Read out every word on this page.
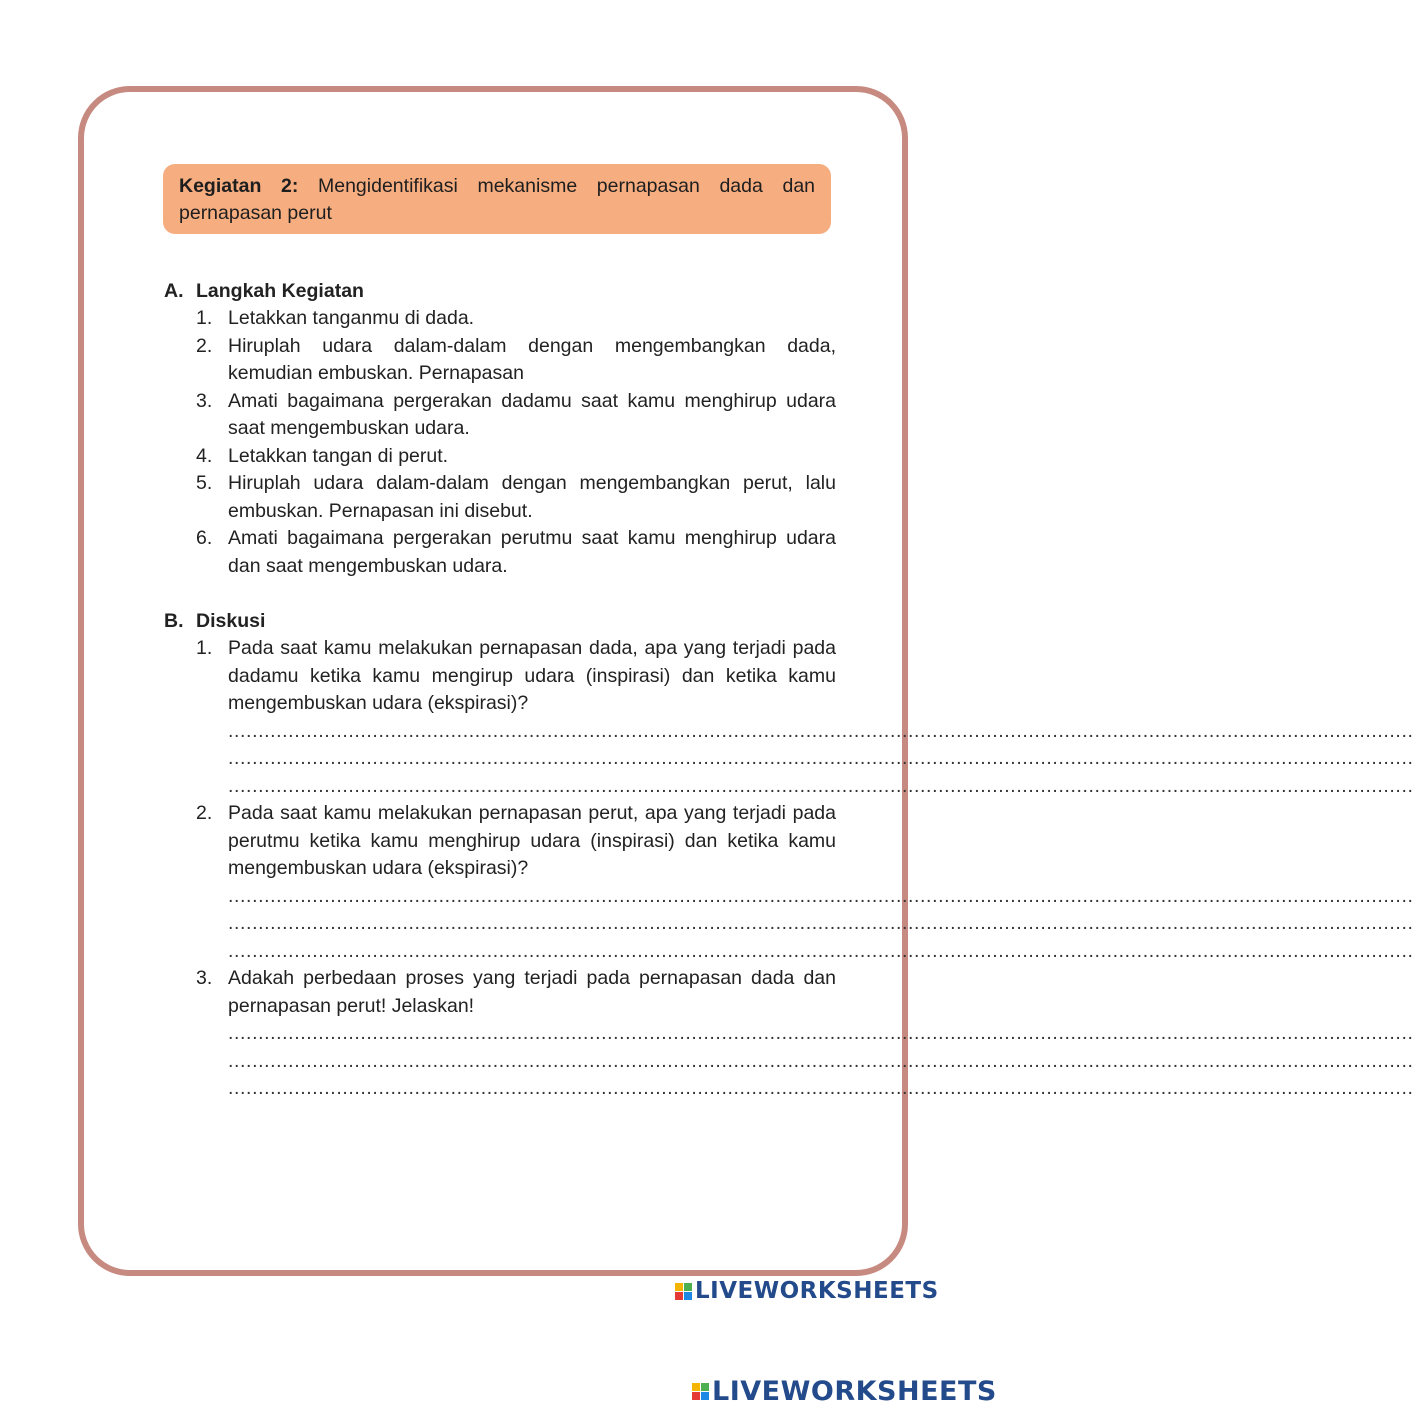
Kegiatan 2: Mengidentifikasi mekanisme pernapasan dada dan pernapasan perut
A. Langkah Kegiatan
1. Letakkan tanganmu di dada.
2. Hiruplah udara dalam-dalam dengan mengembangkan dada, kemudian embuskan. Pernapasan
3. Amati bagaimana pergerakan dadamu saat kamu menghirup udara saat mengembuskan udara.
4. Letakkan tangan di perut.
5. Hiruplah udara dalam-dalam dengan mengembangkan perut, lalu embuskan. Pernapasan ini disebut.
6. Amati bagaimana pergerakan perutmu saat kamu menghirup udara dan saat mengembuskan udara.
B. Diskusi
1. Pada saat kamu melakukan pernapasan dada, apa yang terjadi pada dadamu ketika kamu mengirup udara (inspirasi) dan ketika kamu mengembuskan udara (ekspirasi)?
.....................................................................................................................................................................................................
.....................................................................................................................................................................................................
.....................................................................................................................................................................................................
2. Pada saat kamu melakukan pernapasan perut, apa yang terjadi pada perutmu ketika kamu menghirup udara (inspirasi) dan ketika kamu mengembuskan udara (ekspirasi)?
.....................................................................................................................................................................................................
.....................................................................................................................................................................................................
.....................................................................................................................................................................................................
3. Adakah perbedaan proses yang terjadi pada pernapasan dada dan pernapasan perut! Jelaskan!
.....................................................................................................................................................................................................
.....................................................................................................................................................................................................
.....................................................................................................................................................................................................
LIVEWORKSHEETS
LIVEWORKSHEETS
